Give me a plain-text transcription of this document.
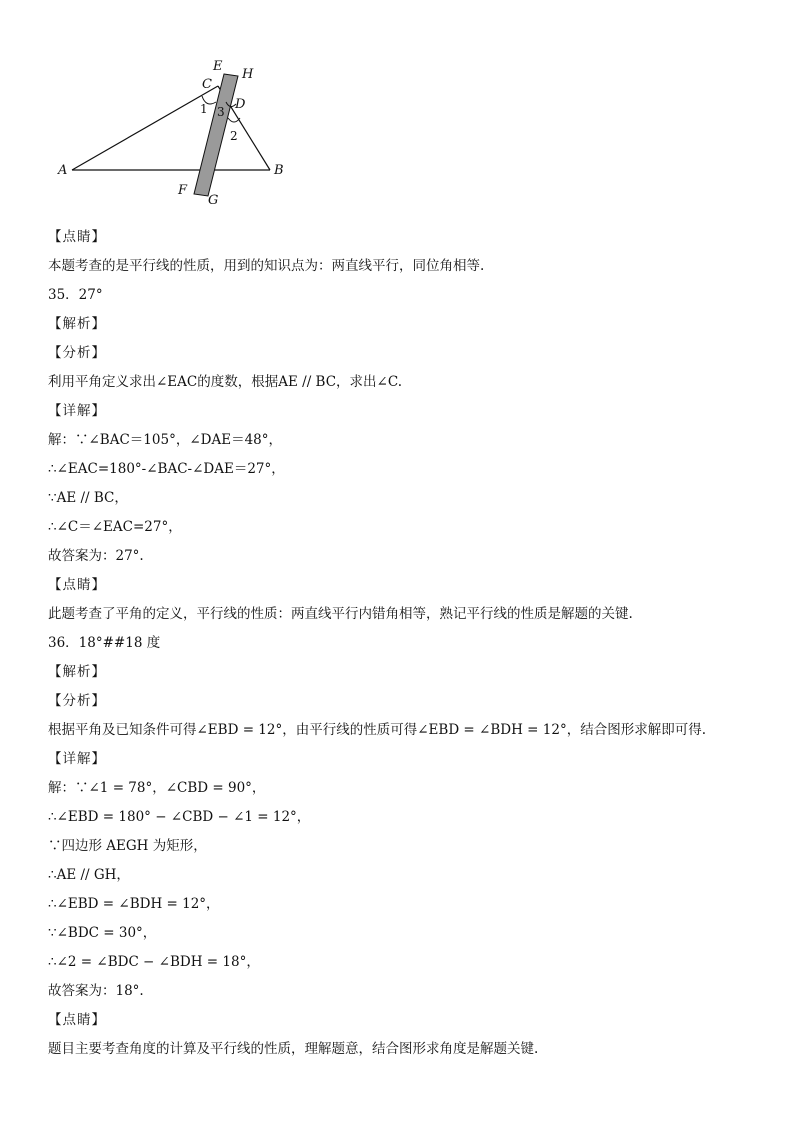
E
H
C
D
1 3
2
A	B
F
G
【点睛】
本题考查的是平行线的性质，用到的知识点为：两直线平行，同位角相等.
35．27°
【解析】
【分析】
利用平角定义求出∠EAC的度数，根据AE // BC，求出∠C.
【详解】
解：∵∠BAC＝105°，∠DAE＝48°，
∴∠EAC=180°-∠BAC-∠DAE＝27°，
∵AE // BC，
∴∠C＝∠EAC=27°，
故答案为：27°.
【点睛】
此题考查了平角的定义，平行线的性质：两直线平行内错角相等，熟记平行线的性质是解题的关键.
36．18°##18 度
【解析】
【分析】
根据平角及已知条件可得∠EBD = 12°，由平行线的性质可得∠EBD = ∠BDH = 12°，结合图形求解即可得.
【详解】
解：∵∠1 = 78°，∠CBD = 90°，
∴∠EBD = 180° − ∠CBD − ∠1 = 12°，
∵四边形 AEGH 为矩形，
∴AE // GH，
∴∠EBD = ∠BDH = 12°，
∵∠BDC = 30°，
∴∠2 = ∠BDC − ∠BDH = 18°，
故答案为：18°.
【点睛】
题目主要考查角度的计算及平行线的性质，理解题意，结合图形求角度是解题关键.
